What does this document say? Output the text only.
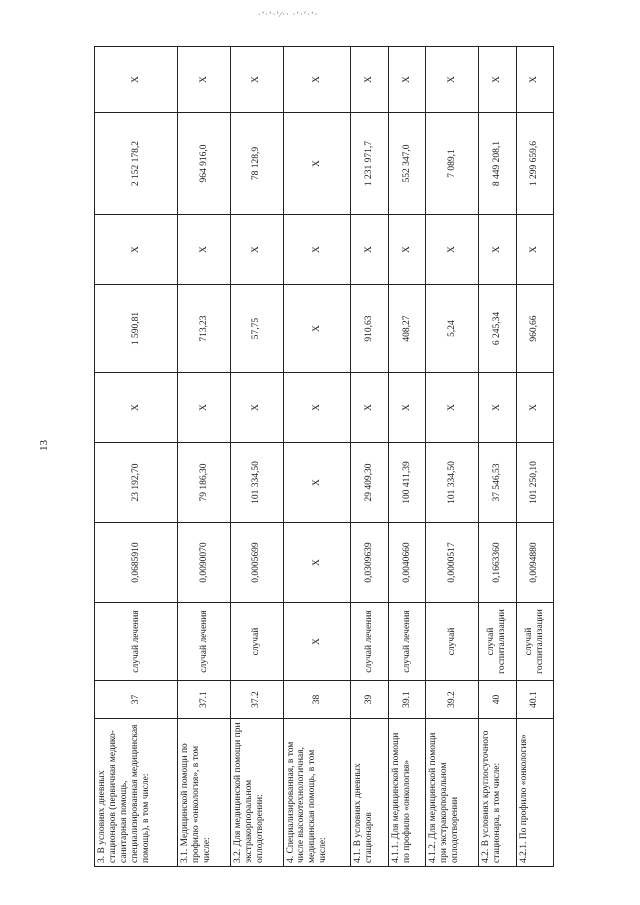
·ʼ·ʻ·ʼ⁄·· ·ʻ·ʼ·ʻ·
13
3. В условиях дневных стационаров (первичная медико-санитарная помощь, специализированная медицинская помощь), в том числе:	37	случай лечения	0,0685910	23 192,70	Х	1 590,81	Х	2 152 178,2	Х
3.1. Медицинской помощи по профилю «онкология», в том числе:	37.1	случай лечения	0,0090070	79 186,30	Х	713,23	Х	964 916,0	Х
3.2. Для медицинской помощи при экстракорпоральном оплодотворении:	37.2	случай	0,0005699	101 334,50	Х	57,75	Х	78 128,9	Х
4. Специализированная, в том числе высокотехнологичная, медицинская помощь, в том числе:	38	Х	Х	Х	Х	Х	Х	Х	Х
4.1. В условиях дневных стационаров	39	случай лечения	0,0309639	29 409,30	Х	910,63	Х	1 231 971,7	Х
4.1.1. Для медицинской помощи по профилю «онкология»	39.1	случай лечения	0,0040660	100 411,39	Х	408,27	Х	552 347,0	Х
4.1.2. Для медицинской помощи при экстракорпоральном оплодотворении	39.2	случай	0,0000517	101 334,50	Х	5,24	Х	7 089,1	Х
4.2. В условиях круглосуточного стационара, в том числе:	40	случай госпитализации	0,1663360	37 546,53	Х	6 245,34	Х	8 449 208,1	Х
4.2.1. По профилю «онкология»	40.1	случай госпитализации	0,0094880	101 250,10	Х	960,66	Х	1 299 659,6	Х
